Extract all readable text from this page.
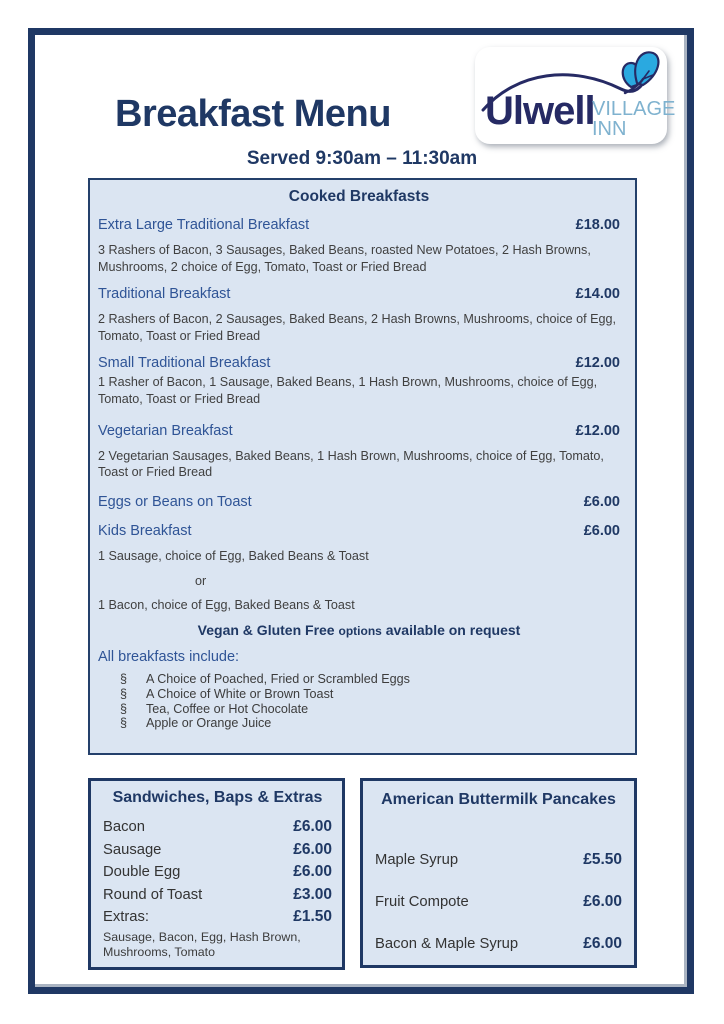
Breakfast Menu Ulwell
VILLAGE
INN
Served 9:30am – 11:30am
Cooked Breakfasts
Extra Large Traditional Breakfast	£18.00
3 Rashers of Bacon, 3 Sausages, Baked Beans, roasted New Potatoes, 2 Hash Browns, Mushrooms, 2 choice of Egg, Tomato, Toast or Fried Bread
Traditional Breakfast	£14.00
2 Rashers of Bacon, 2 Sausages, Baked Beans, 2 Hash Browns, Mushrooms, choice of Egg, Tomato, Toast or Fried Bread
Small Traditional Breakfast	£12.00
1 Rasher of Bacon, 1 Sausage, Baked Beans, 1 Hash Brown, Mushrooms, choice of Egg, Tomato, Toast or Fried Bread
Vegetarian Breakfast	£12.00
2 Vegetarian Sausages, Baked Beans, 1 Hash Brown, Mushrooms, choice of Egg, Tomato, Toast or Fried Bread
Eggs or Beans on Toast	£6.00
Kids Breakfast	£6.00
1 Sausage, choice of Egg, Baked Beans & Toast
or
1 Bacon, choice of Egg, Baked Beans & Toast
Vegan & Gluten Free options available on request
All breakfasts include:
§	A Choice of Poached, Fried or Scrambled Eggs
§	A Choice of White or Brown Toast
§	Tea, Coffee or Hot Chocolate
§	Apple or Orange Juice
Sandwiches, Baps & Extras
Bacon	£6.00
Sausage	£6.00
Double Egg	£6.00
Round of Toast	£3.00
Extras:	£1.50
Sausage, Bacon, Egg, Hash Brown, Mushrooms, Tomato
American Buttermilk Pancakes
Maple Syrup	£5.50
Fruit Compote	£6.00
Bacon & Maple Syrup	£6.00
